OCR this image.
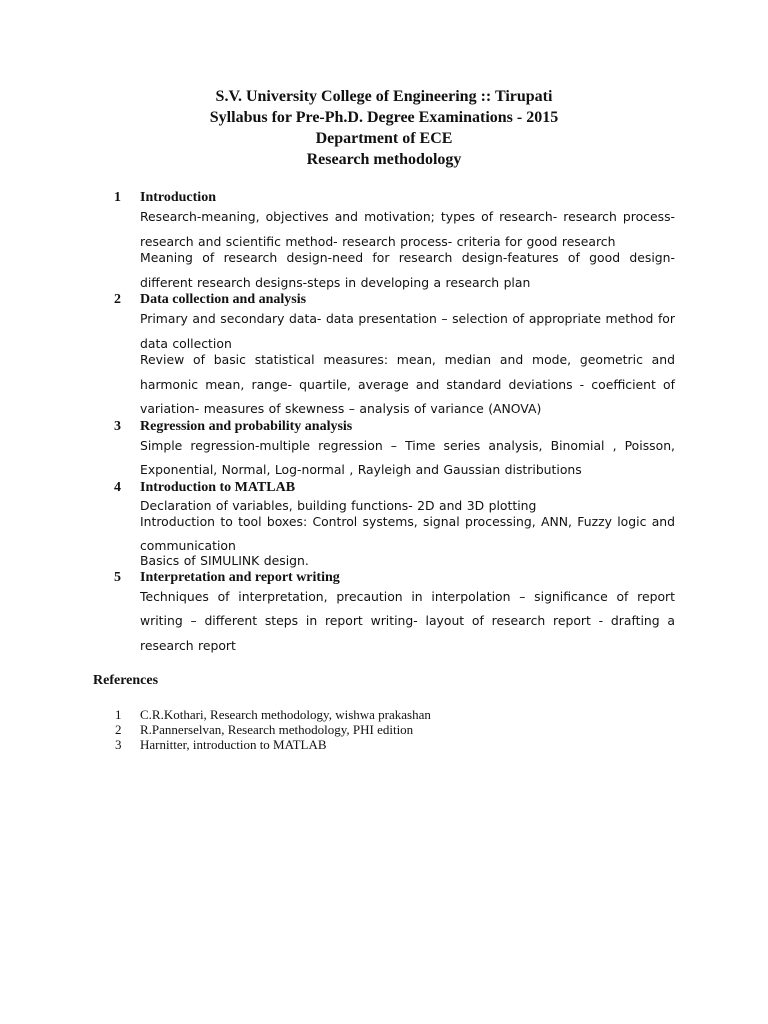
S.V. University College of Engineering :: Tirupati
Syllabus for Pre-Ph.D. Degree Examinations - 2015
Department of ECE
Research methodology
1	Introduction
Research-meaning, objectives and motivation; types of research- research process- research and scientific method- research process- criteria for good research
Meaning of research design-need for research design-features of good design- different research designs-steps in developing a research plan
2	Data collection and analysis
Primary and secondary data- data presentation – selection of appropriate method for data collection
Review of basic statistical measures: mean, median and mode, geometric and harmonic mean, range- quartile, average and standard deviations - coefficient of variation- measures of skewness – analysis of variance (ANOVA)
3	Regression and probability analysis
Simple regression-multiple regression – Time series analysis, Binomial , Poisson, Exponential, Normal, Log-normal , Rayleigh and Gaussian distributions
4	Introduction to MATLAB
Declaration of variables, building functions- 2D and 3D plotting
Introduction to tool boxes: Control systems, signal processing, ANN, Fuzzy logic and communication
Basics of SIMULINK design.
5	Interpretation and report writing
Techniques of interpretation, precaution in interpolation – significance of report writing – different steps in report writing- layout of research report - drafting a research report
References
1 C.R.Kothari, Research methodology, wishwa prakashan
2 R.Pannerselvan, Research methodology, PHI edition
3 Harnitter, introduction to MATLAB
